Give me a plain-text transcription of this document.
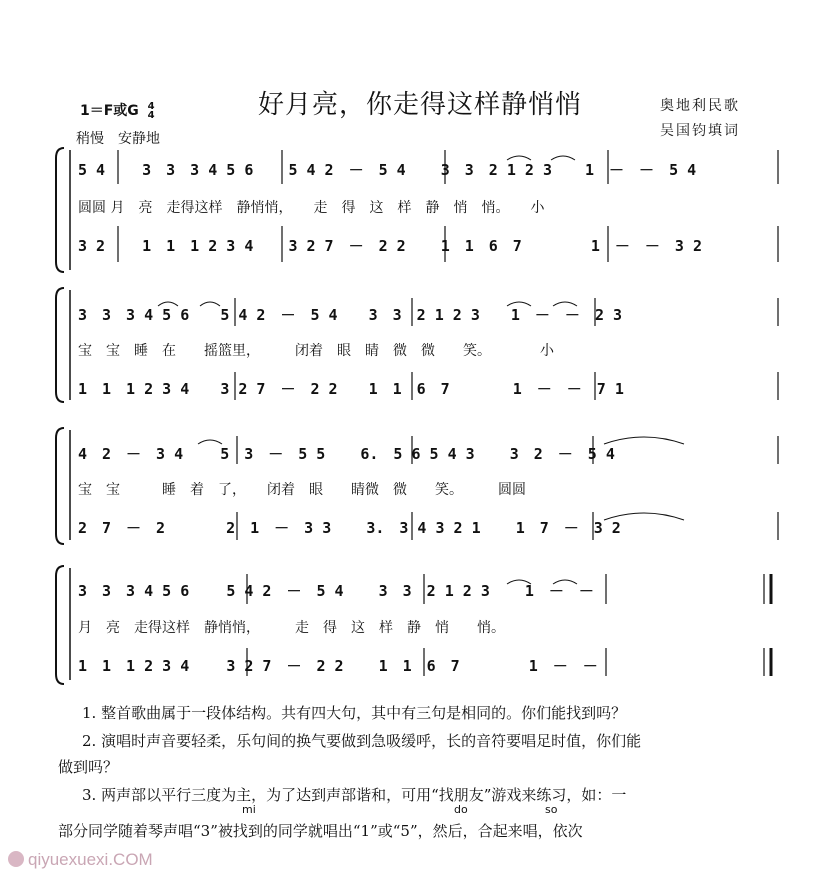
好月亮，你走得这样静悄悄
1＝F或G 4
4
稍慢　安静地
奥地利民歌
吴国钧填词
5 4 3　3　3 4 5 6 5 4 2　－　5 4 3　3　2 1 2 3 1　－　－　5 4
圆圆 月　亮　走得这样　静悄悄，　　走　得　这　样　静　悄　悄。　　小
3 2 1　1　1 2 3 4 3 2 7　－　2 2 1　1　6　7	1　－　－　3 2
3　3　3 4 5 6 5 4 2　－　5 4 3　3　2 1 2 3 1　－　－　2 3
宝　宝　睡　在　　摇篮里，　　　闭着　眼　睛　微　微　　笑。　　　　小
1　1　1 2 3 4 3 2 7　－　2 2 1　1　6　7	1　－　－　7 1
4　2　－　3 4 5　3　－　5 5 6.　5 6 5 4 3 3　2　－　5 4
宝　宝　　　睡　着　了，　　闭着　眼　　睛微　微　　笑。　　　圆圆
2　7　－　2	2　1　－　3 3 3.　3 4 3 2 1 1　7　－　3 2
3　3　3 4 5 6 5 4 2　－　5 4 3　3　2 1 2 3 1　－　－
月　亮　走得这样　静悄悄，　　　走　得　这　样　静　悄　　悄。
1　1　1 2 3 4 3 2 7　－　2 2 1　1　6　7	1　－　－
1. 整首歌曲属于一段体结构。共有四大句，其中有三句是相同的。你们能找到吗？
2. 演唱时声音要轻柔，乐句间的换气要做到急吸缓呼，长的音符要唱足时值，你们能
做到吗？
3. 两声部以平行三度为主，为了达到声部谐和，可用“找朋友”游戏来练习，如：一
mi	do	so
部分同学随着琴声唱“3”被找到的同学就唱出“1”或“5”，然后，合起来唱，依次
qiyuexuexi.COM
